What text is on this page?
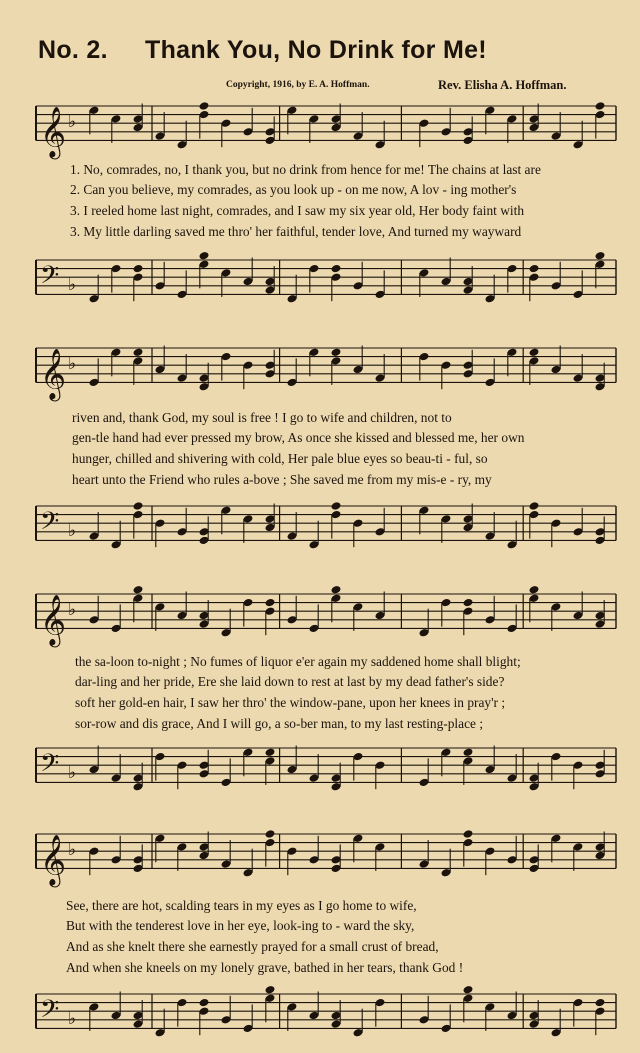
No. 2. Thank You, No Drink for Me!
Copyright, 1916, by E. A. Hoffman.	Rev. Elisha A. Hoffman.
𝄞 ♭
1. No, comrades, no, I thank you, but no drink from hence for me! The chains at last are
2. Can you believe, my comrades, as you look up - on me now, A lov - ing mother's
3. I reeled home last night, comrades, and I saw my six year old, Her body faint with
3. My little darling saved me thro' her faithful, tender love, And turned my wayward
𝄢 ♭
𝄞 ♭
riven and, thank God, my soul is free ! I go to wife and children, not to
gen-tle hand had ever pressed my brow, As once she kissed and blessed me, her own
hunger, chilled and shivering with cold, Her pale blue eyes so beau-ti - ful, so
heart unto the Friend who rules a-bove ; She saved me from my mis-e - ry, my
𝄢 ♭
𝄞 ♭
the sa-loon to-night ; No fumes of liquor e'er again my saddened home shall blight;
dar-ling and her pride, Ere she laid down to rest at last by my dead father's side?
soft her gold-en hair, I saw her thro' the window-pane, upon her knees in pray'r ;
sor-row and dis grace, And I will go, a so-ber man, to my last resting-place ;
𝄢 ♭
𝄞 ♭
See, there are hot, scalding tears in my eyes as I go home to wife,
But with the tenderest love in her eye, look-ing to - ward the sky,
And as she knelt there she earnestly prayed for a small crust of bread,
And when she kneels on my lonely grave, bathed in her tears, thank God !
𝄢 ♭
